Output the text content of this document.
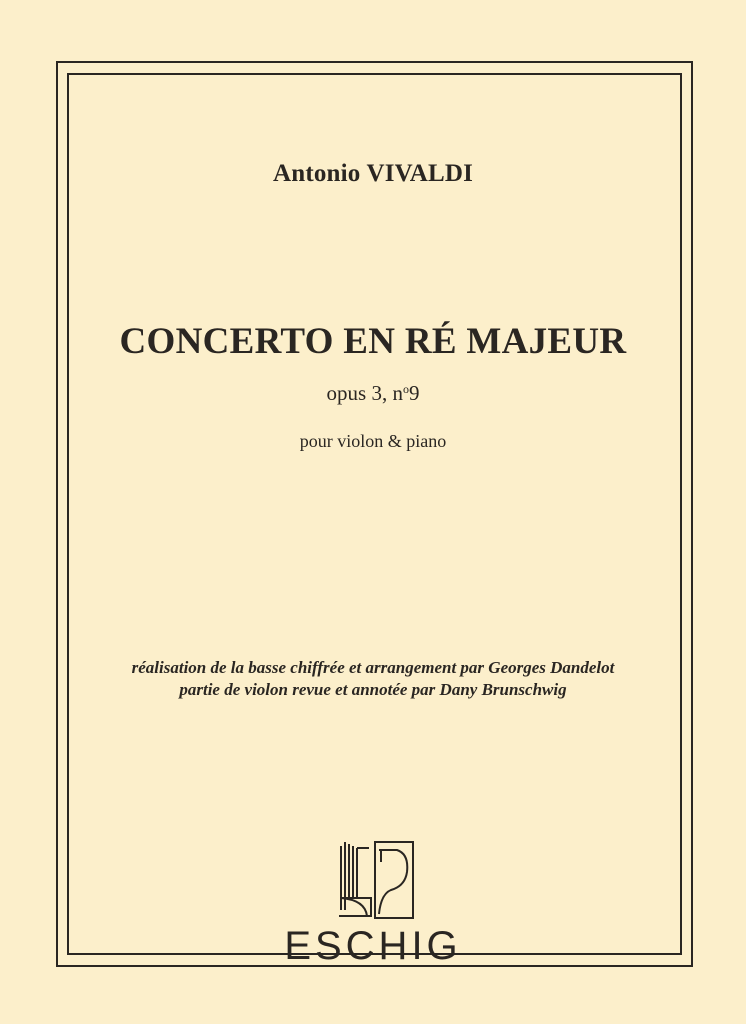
Antonio VIVALDI
CONCERTO EN RÉ MAJEUR
opus 3, $n^o9$
pour violon & piano
réalisation de la basse chiffrée et arrangement par Georges Dandelot
partie de violon revue et annotée par Dany Brunschwig
ESCHIG
